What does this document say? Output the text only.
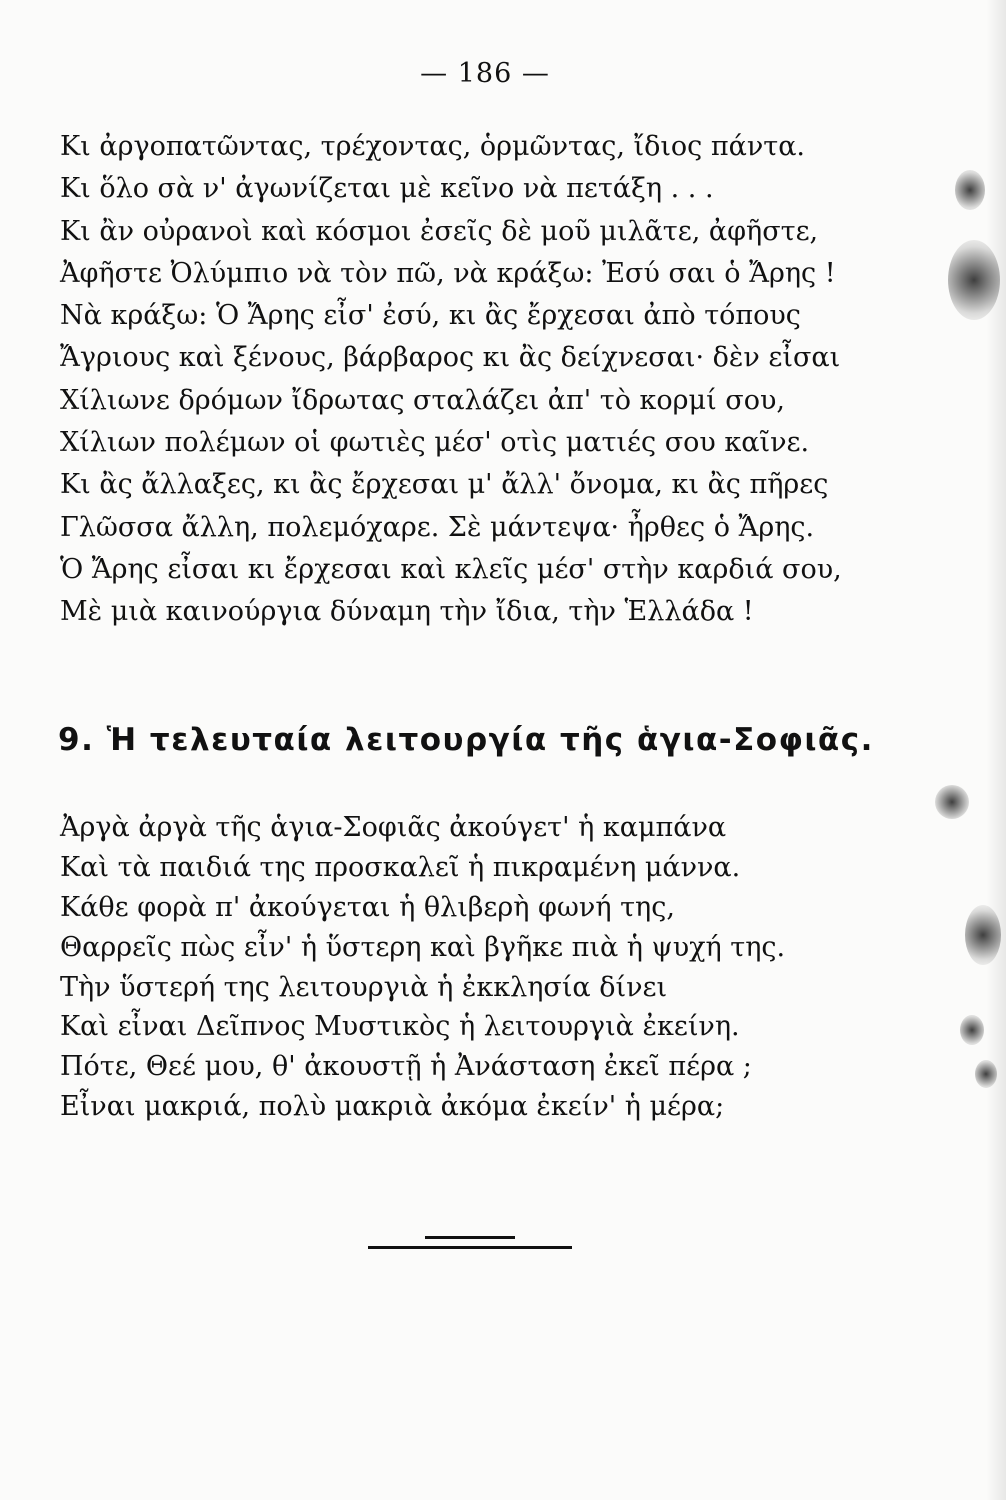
— 186 —
Κι ἀργοπατῶντας, τρέχοντας, ὁρμῶντας, ἴδιος πάντα.
Κι ὅλο σὰ ν' ἀγωνίζεται μὲ κεῖνο νὰ πετάξη . . .
Κι ἂν οὐρανοὶ καὶ κόσμοι ἐσεῖς δὲ μοῦ μιλᾶτε, ἀφῆστε,
Ἀφῆστε Ὀλύμπιο νὰ τὸν πῶ, νὰ κράξω: Ἐσύ σαι ὁ Ἄρης !
Νὰ κράξω: Ὁ Ἄρης εἶσ' ἐσύ, κι ἂς ἔρχεσαι ἀπὸ τόπους
Ἄγριους καὶ ξένους, βάρβαρος κι ἂς δείχνεσαι· δὲν εἶσαι
Χίλιωνε δρόμων ἴδρωτας σταλάζει ἀπ' τὸ κορμί σου,
Χίλιων πολέμων οἱ φωτιὲς μέσ' οτὶς ματιές σου καῖνε.
Κι ἂς ἄλλαξες, κι ἂς ἔρχεσαι μ' ἄλλ' ὄνομα, κι ἂς πῆρες
Γλῶσσα ἄλλη, πολεμόχαρε. Σὲ μάντεψα· ἦρθες ὁ Ἄρης.
Ὁ Ἄρης εἶσαι κι ἔρχεσαι καὶ κλεῖς μέσ' στὴν καρδιά σου,
Μὲ μιὰ καινούργια δύναμη τὴν ἴδια, τὴν Ἑλλάδα !
9. Ἡ τελευταία λειτουργία τῆς ἁγια-Σοφιᾶς.
Ἀργὰ ἀργὰ τῆς ἁγια-Σοφιᾶς ἀκούγετ' ἡ καμπάνα
Καὶ τὰ παιδιά της προσκαλεῖ ἡ πικραμένη μάννα.
Κάθε φορὰ π' ἀκούγεται ἡ θλιβερὴ φωνή της,
Θαρρεῖς πὼς εἶν' ἡ ὕστερη καὶ βγῆκε πιὰ ἡ ψυχή της.
Τὴν ὕστερή της λειτουργιὰ ἡ ἐκκλησία δίνει
Καὶ εἶναι Δεῖπνος Μυστικὸς ἡ λειτουργιὰ ἐκείνη.
Πότε, Θεέ μου, θ' ἀκουστῇ ἡ Ἀνάσταση ἐκεῖ πέρα ;
Εἶναι μακριά, πολὺ μακριὰ ἀκόμα ἐκείν' ἡ μέρα;
